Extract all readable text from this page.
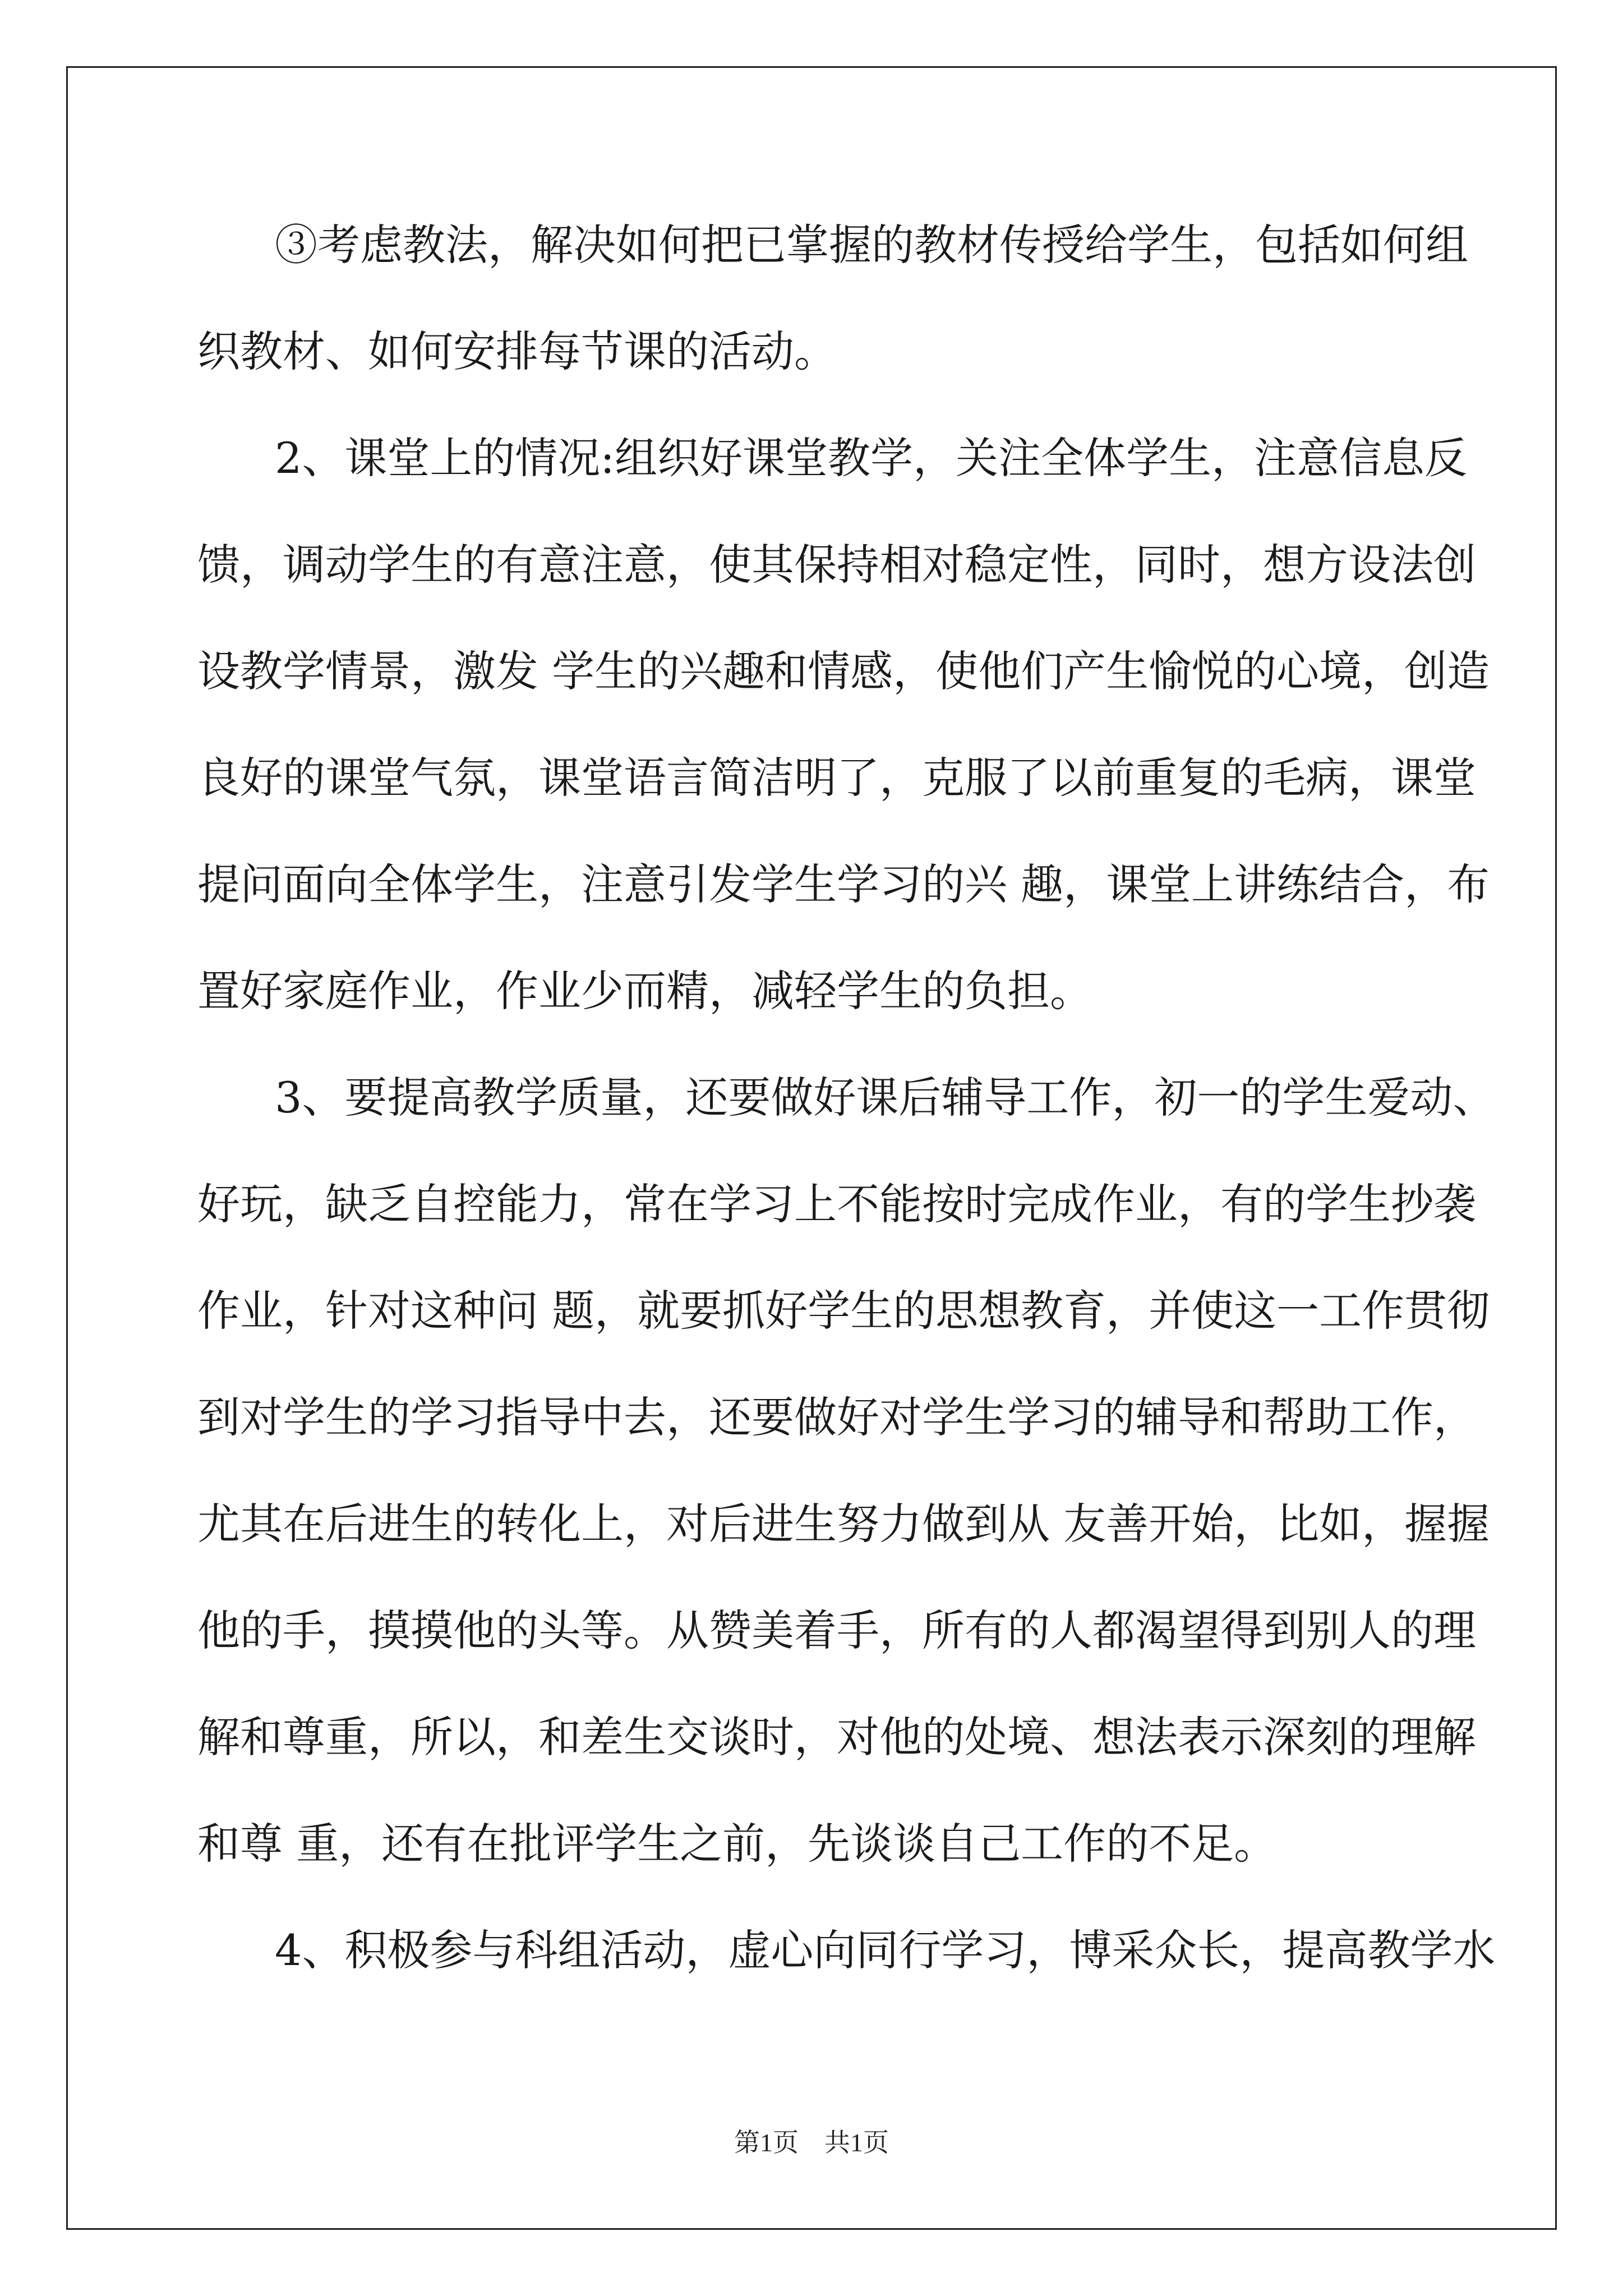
③考虑教法，解决如何把已掌握的教材传授给学生，包括如何组
织教材、如何安排每节课的活动。
2、课堂上的情况:组织好课堂教学，关注全体学生，注意信息反
馈，调动学生的有意注意，使其保持相对稳定性，同时，想方设法创
设教学情景，激发 学生的兴趣和情感，使他们产生愉悦的心境，创造
良好的课堂气氛，课堂语言简洁明了，克服了以前重复的毛病，课堂
提问面向全体学生，注意引发学生学习的兴 趣，课堂上讲练结合，布
置好家庭作业，作业少而精，减轻学生的负担。
3、要提高教学质量，还要做好课后辅导工作，初一的学生爱动、
好玩，缺乏自控能力，常在学习上不能按时完成作业，有的学生抄袭
作业，针对这种问 题，就要抓好学生的思想教育，并使这一工作贯彻
到对学生的学习指导中去，还要做好对学生学习的辅导和帮助工作，
尤其在后进生的转化上，对后进生努力做到从 友善开始，比如，握握
他的手，摸摸他的头等。从赞美着手，所有的人都渴望得到别人的理
解和尊重，所以，和差生交谈时，对他的处境、想法表示深刻的理解
和尊 重，还有在批评学生之前，先谈谈自己工作的不足。
4、积极参与科组活动，虚心向同行学习，博采众长，提高教学水
第1页　共1页
